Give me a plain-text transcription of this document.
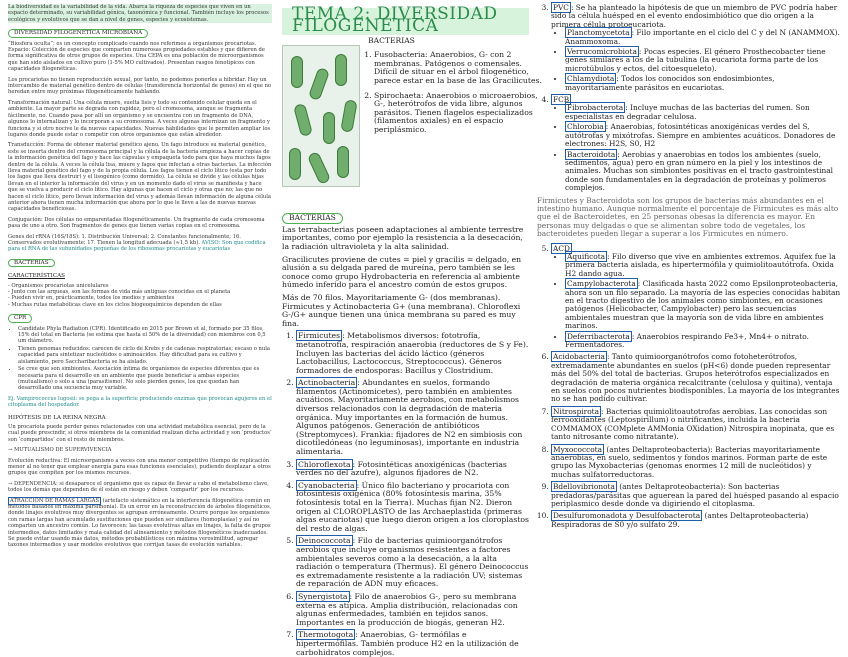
La biodiversidad es la variabilidad de la vida. Abarca la riqueza de especies que viven en un espacio determinado, su variabilidad génica, taxonómica y funcional. También incluye los procesos ecológicos y evolutivos que se dan a nivel de genes, especies y ecosistemas.

DIVERSIDAD FILOGENÉTICA MICROBIANA

“Biosfera oculta”: es un concepto complicado cuando nos referimos a organismos procariotas. Espacio: Colección de especies que comparten numerosas propiedades estables y que difieren de forma significativa de otros grupos de especies. Una CEPA es una población de microorganismos que han sido aislados en cultivo puro (1-5% MO cultivados). Presentan rasgos fenotípicos con capacidades filogenéticas.

Los procariotas no tienen reproducción sexual, por tanto, no podemos ponerles a hibridar. Hay un intercambio de material genético dentro de células (transferencia horizontal de genes) en el que no heredan entre muy próximas filogenéticamente hablando.

Transformación natural: Una célula muere, suelta lisis y todo su contenido celular queda en el ambiente. La mayor parte se degrada con rapidez, pero el cromosoma, aunque se fragmenta fácilmente, no. Cuando pasa por allí un organismo y se encuentra con un fragmento de DNA, algunos lo internalizan y lo incorporan a su cromosoma. A veces algunas internizan un fragmento y funciona y si otro nocive le da nuevas capacidades. Nuevas habilidades que le permiten ampliar los lugares donde puede estar o competir con otros organismos que están alrededor.

Transducción: Forma de obtener material genético ajeno. Un fago introduce su material genético, este se inserta dentro del cromosoma principal y la célula de la bacteria empieza a hacer copias de la información genética del fago y hace las cápsulas y empaqueta todo para que haya muchos fagos dentro de la célula. A veces la célula lisa, muere y fagos que infectan a otras bacterias. La infección lleva material genético del fago y de la propia célula. Los fagos tienen el ciclo lítico (esta por todo los fagos que lleva destruir) y el lisogénico (como dormido). La célula se divide y las células hijas llevan en el interior la información del virus y en un momento dado el virus se manifiesta y hace que se vuelva a producir el ciclo lítico. Hay algunas que hacen el ciclo y otras que no; las que no hacen el ciclo lítico, pero llevan información del virus y además llevan información de alguna célula anterior ahora tienen mucha información que ahora por lo que le lleve a las de nuevas nuevas capacidades beneficiosas.

Conjugación: Dos células no emparentadas filogenéticamente. Un fragmento de cada cromosoma pasa de uno a otro. Son fragmentos de genes que tienen varias copias en el cromosoma.

Genes del rRNA (16S/18S): 1. Distribución Universal; 2. Constantes funcionalmente; 16. Conservados evolutivamente; 17. Tienen la longitud adecuada (≈1,5 kb). AVISO: Son que codifica para el RNA de las subunidades pequeñas de los ribosomas procariotas y eucariotas

BACTERIAS
CARACTERÍSTICAS
- Organismos procariotas unicelulares
- Junto con las arqueas, son las formas de vida más antiguas conocidas en el planeta
- Pueden vivir en, prácticamente, todos los medios y ambientes
- Muchas rutas metabólicas clave en los ciclos biogeoquímicos dependen de ellas
CPR
• Candidate Phyla Radiation (CPR). Identificado en 2015 por Brown et al, formado por 35 filos, 15% del total en Bacteria (se estima que hasta el 50% de la diversidad) con miembros con 0,5 um diámetro.
• Tienen genomas reducidos: carecen de ciclo de Krebs y de cadenas respiratorias; escaso o nula capacidad para sintetizar nucleótidos o aminoácidos. Hay dificultad para su cultivo y aislamiento, pero Saccharibacteria se ha aislado.
• Se cree que son simbiontes. Asociación íntima de organismos de especies diferentes que es necesaria para el desarrollo en un ambiente que puede beneficiar a ambas especies (mutualismo) o solo a una (parasitismo). No solo pierden genes, los que quedan han desarrollado una secuencia muy variable.

Ej. Vampirococcus lugosii: se pega a la superficie produciendo enzimas que provocan agujeros en el citoplasma del hospedador.

HIPÓTESIS DE LA REINA NEGRA

Un procariota puede perder genes relacionados con una actividad metabólica esencial, pero de la cual puede prescindir, si otros miembros de la comunidad realizan dicha actividad y son ‘productos’ son ‘compartidos’ con el resto de miembros.

→ MUTUALISMO DE SUPERVIVENCIA

Evolución reductiva: El microorganismo a veces con una menor competitivo (tiempo de replicación menor al no tener que emplear energía para esas funciones esenciales), pudiendo desplazar a otros grupos que compiten por los mismos recursos.

→ DEPENDENCIA: si desaparece el organismo que es capaz de llevar a cabo el metabolismo clave, todos los demás que dependen de él están en riesgo y deben ‘compartir’ por los recursos.

ATRACCIÓN DE RAMAS LARGAS (artefacto sistemático en la interferencia filogenética común en métodos basados en máxima parsimonia). Es un error en la reconstrucción de árboles filogenéticos, donde linajes evolutivos muy divergentes se agrupan erróneamente. Ocurre porque los organismos con ramas largas han acumulado sustituciones que pueden ser similares (homoplasias) y así no comparten un ancestro común. Lo favorecen: las tasas evolutivas altas en linajes, la falta de grupos intermedios, datos limitados y mala calidad del alineamiento y métodos filogenéticos inadecuados. Se puede evitar usando más datos, métodos probabilísticos con máxima verosimilitud, agregar taxones intermedios y usar modelos evolutivos que corrijan tasas de evolución variables.

TEMA 2: DIVERSIDAD FILOGENÉTICA
BACTERIAS
1. Fusobacteria: Anaerobios, G- con 2 membranas. Patógenos o comensales. Difícil de situar en el árbol filogenético, parece estar en la base de las Gracilicutes.
2. Spirochaeta: Anaerobios o microaerobios, G-, heterótrofos de vida libre, algunos parásitos. Tienen flagelos especializados (filamentos axiales) en el espacio periplásmico.
BACTERIAS

Las terrabacterias poseen adaptaciones al ambiente terrestre importantes, como por ejemplo la resistencia a la desecación, la radiación ultravioleta y la alta salinidad.

Gracilicutes proviene de cutes = piel y gracilis = delgado, en alusión a su delgada pared de mureína, pero también se les conoce como grupo Hydrobacteria en referencia al ambiente húmedo inferido para el ancestro común de estos grupos.

Más de 70 filos. Mayoritariamente G- (dos membranas). Firmicutes y Actinobacteria G+ (una membrana). Chloroflexi G-/G+ aunque tienen una única membrana su pared es muy fina.

1. Firmicutes : Metabolismos diversos: fototrofía, metanotrofía, respiración anaerobia (reductores de S y Fe). Incluyen las bacterias del ácido láctico (géneros Lactobacillus, Lactococcus, Streptococcus). Géneros formadores de endosporas: Bacillus y Clostridium.
2. Actinobacteria : Abundantes en suelos, formando filamentos (Actinomicetes), pero también en ambientes acuáticos. Mayoritariamente aerobios, con metabolismos diversos relacionados con la degradación de materia orgánica. Muy importantes en la formación de humus. Algunos patógenos. Generación de antibióticos (Streptomyces). Frankia: fijadores de N2 en simbiosis con dicotiledóneas (no leguminosas), importante en industria alimentaria.
3. Chloroflexota : Fotosintéticas anoxigénicas (bacterias verdes no del azufre), algunos fijadores de N2.
4. Cyanobacteria : Único filo bacteriano y procariota con fotosíntesis oxigénica (80% fotosíntesis marina, 35% fotosíntesis total en la Tierra). Muchas fijan N2. Dieron origen al CLOROPLASTO de las Archaeplastida (primeras algas eucariotas) que luego dieron origen a los cloroplastos del resto de algas.
5. Deinococcota : Filo de bacterias quimioorganótrofos aerobios que incluye organismos resistentes a factores ambientales severos como a la desecación, a la alta radiación o temperatura (Thermus). El género Deinococcus es extremadamente resistente a la radiación UV; sistemas de reparación de ADN muy eficaces.
6. Synergistota : Filo de anaerobios G-, pero su membrana externa es atípica. Amplia distribución, relacionadas con algunas enfermedades, también en tejidos sanos. Importantes en la producción de biogás, generan H2.
7. Thermotogota : Anaerobias, G- termófilas e hipertermófilas. También produce H2 en la utilización de carbohidratos complejos.
3. PVC : Se ha planteado la hipótesis de que un miembro de PVC podría haber sido la célula huésped en el evento endosimbiótico que dio origen a la primera célula protoeucariota.
• Planctomycetota : Filo importante en el ciclo del C y del N (ANAMMOX). Anammoxoma.
• Verrucomicrobiota : Pocas especies. El género Prosthecobacter tiene genes similares a los de la tubulina (la eucariota forma parte de los microtúbulos y ectos, del citoesqueleto).
• Chlamydiota : Todos los conocidos son endosimbiontes, mayoritariamente parásitos en eucariotas.
4. FCB
• Fibrobacterota : Incluye muchas de las bacterias del rumen. Son especialistas en degradar celulosa.
• Chlorobia : Anaerobias, fotosintéticas anoxigénicas verdes del S, autótrofas y mixótrofas. Siempre en ambientes acuáticos. Donadores de electrones: H2S, S0, H2
• Bacteroidota : Aerobias y anaerobias en todos los ambientes (suelo, sedimentos, agua) pero en gran número en la piel y los intestinos de animales. Muchas son simbiontes positivas en el tracto gastrointestinal donde son fundamentales en la degradación de proteínas y polímeros complejos.

Firmicutes y Bacteroidota son los grupos de bacterias más abundantes en el intestino humano. Aunque normalmente el porcentaje de Firmicutes es más alto que el de Bacteroidetes, en 25 personas obesas la diferencia es mayor. En personas muy delgadas o que se alimentan sobre todo de vegetales, los bacteroidetes pueden llegar a superar a los Firmicutes en número.

5. ACD
• Aquificota : Filo diverso que vive en ambientes extremos. Aquifex fue la primera bacteria aislada, es hipertermófila y quimiolitoautótrofa. Oxida H2 dando agua.
• Campylobacterota : Clasificada hasta 2022 como Epsilonproteobacteria, ahora son un filo separado. La mayoría de las especies conocidas habitan en el tracto digestivo de los animales como simbiontes, en ocasiones patógenos (Helicobacter, Campylobacter) pero las secuencias ambientales muestran que la mayoría son de vida libre en ambientes marinos.
• Deferribacterota : Anaerobios respirando Fe3+, Mn4+ o nitrato. Fermentadores.
6. Acidobacteria : Tanto quimioorganótrofos como fotoheterótrofos, extremadamente abundantes en suelos (pH<6) donde pueden representar más del 50% del total de bacterias. Grupos heterótrofos especializados en degradación de materia orgánica recalcitrante (celulosa y quitina), ventaja en suelos con pocos nutrientes biodisponibles. La mayoría de los integrantes no se han podido cultivar.
7. Nitrospirota : Bacterias quimiolitoautotrofas aerobias. Las conocidas son ferrooxidantes (Leptospirillum) o nitrificantes, incluida la bacteria COMMAMOX (COMplete AMMonia OXidation) Nitrospira inopinata, que es tanto nitrosante como nitratante).
8. Myxococcota (antes Deltaproteobacteria): Bacterias mayoritariamente anaerobias, en suelo, sedimentos y fondos marinos. Forman parte de este grupo las Myxobacterias (genomas enormes 12 mill de nucleótidos) y muchas sulfatorreductoras.
9. Bdellovibrionota (antes Deltaproteobacteria): Son bacterias predadoras/parásitas que aguerean la pared del huésped pasando al espacio periplasmico desde donde va digiriendo el citoplasma.
10. Desulfuromonadota y Desulfobacterota (antes Deltaproteobacteria) Respiradoras de S0 y/o sulfato 29.
